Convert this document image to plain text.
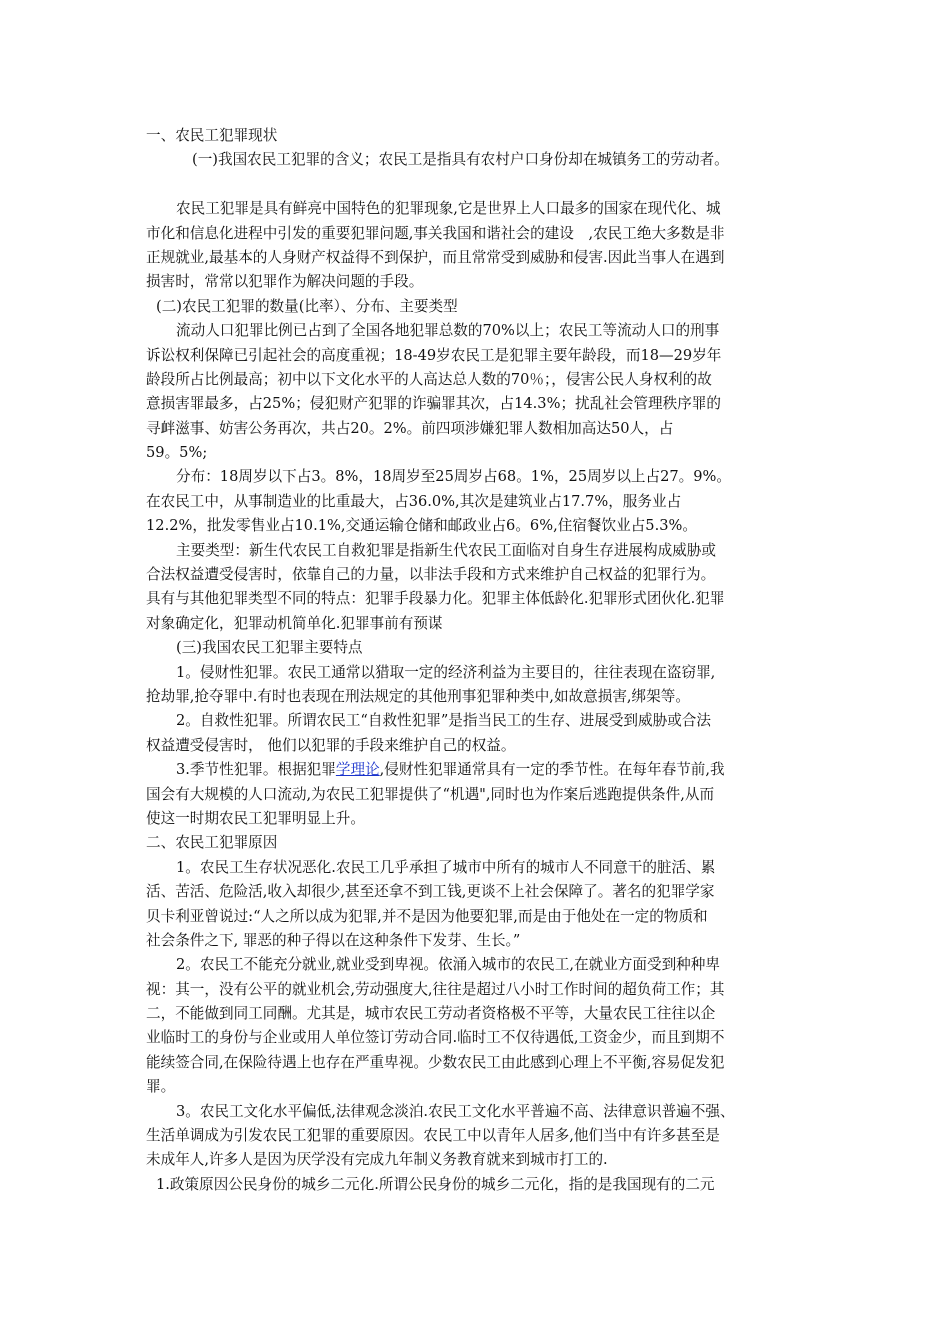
一、农民工犯罪现状
(一)我国农民工犯罪的含义；农民工是指具有农村户口身份却在城镇务工的劳动者。
农民工犯罪是具有鲜亮中国特色的犯罪现象,它是世界上人口最多的国家在现代化、城
市化和信息化进程中引发的重要犯罪问题,事关我国和谐社会的建设　,农民工绝大多数是非
正规就业,最基本的人身财产权益得不到保护，而且常常受到威胁和侵害.因此当事人在遇到
损害时，常常以犯罪作为解决问题的手段。
(二)农民工犯罪的数量(比率）、分布、主要类型
流动人口犯罪比例已占到了全国各地犯罪总数的70%以上；农民工等流动人口的刑事
诉讼权利保障已引起社会的高度重视；18-49岁农民工是犯罪主要年龄段，而18—29岁年
龄段所占比例最高；初中以下文化水平的人高达总人数的70％；，侵害公民人身权利的故
意损害罪最多，占25%；侵犯财产犯罪的诈骗罪其次，占14.3%；扰乱社会管理秩序罪的
寻衅滋事、妨害公务再次，共占20。2%。前四项涉嫌犯罪人数相加高达50人，占
59。5%;
分布：18周岁以下占3。8%，18周岁至25周岁占68。1%，25周岁以上占27。9%。
在农民工中，从事制造业的比重最大，占36.0%,其次是建筑业占17.7%，服务业占
12.2%，批发零售业占10.1%,交通运输仓储和邮政业占6。6%,住宿餐饮业占5.3%。
主要类型：新生代农民工自救犯罪是指新生代农民工面临对自身生存进展构成威胁或
合法权益遭受侵害时，依靠自己的力量，以非法手段和方式来维护自己权益的犯罪行为。
具有与其他犯罪类型不同的特点：犯罪手段暴力化。犯罪主体低龄化.犯罪形式团伙化.犯罪
对象确定化，犯罪动机简单化.犯罪事前有预谋
(三)我国农民工犯罪主要特点
1。侵财性犯罪。农民工通常以猎取一定的经济利益为主要目的，往往表现在盗窃罪,
抢劫罪,抢夺罪中.有时也表现在刑法规定的其他刑事犯罪种类中,如故意损害,绑架等。
2。自救性犯罪。所谓农民工“自救性犯罪”是指当民工的生存、进展受到威胁或合法
权益遭受侵害时， 他们以犯罪的手段来维护自己的权益。
3.季节性犯罪。根据犯罪学理论,侵财性犯罪通常具有一定的季节性。在每年春节前,我
国会有大规模的人口流动,为农民工犯罪提供了“机遇",同时也为作案后逃跑提供条件,从而
使这一时期农民工犯罪明显上升。
二、农民工犯罪原因
1。农民工生存状况恶化.农民工几乎承担了城市中所有的城市人不同意干的脏活、累
活、苦活、危险活,收入却很少,甚至还拿不到工钱,更谈不上社会保障了。著名的犯罪学家
贝卡利亚曾说过:“人之所以成为犯罪,并不是因为他要犯罪,而是由于他处在一定的物质和
社会条件之下, 罪恶的种子得以在这种条件下发芽、生长。”
2。农民工不能充分就业,就业受到卑视。依涌入城市的农民工,在就业方面受到种种卑
视：其一，没有公平的就业机会,劳动强度大,往往是超过八小时工作时间的超负荷工作；其
二，不能做到同工同酬。尤其是，城市农民工劳动者资格极不平等，大量农民工往往以企
业临时工的身份与企业或用人单位签订劳动合同.临时工不仅待遇低,工资金少，而且到期不
能续签合同,在保险待遇上也存在严重卑视。少数农民工由此感到心理上不平衡,容易促发犯
罪。
3。农民工文化水平偏低,法律观念淡泊.农民工文化水平普遍不高、法律意识普遍不强、
生活单调成为引发农民工犯罪的重要原因。农民工中以青年人居多,他们当中有许多甚至是
未成年人,许多人是因为厌学没有完成九年制义务教育就来到城市打工的.
1.政策原因公民身份的城乡二元化.所谓公民身份的城乡二元化，指的是我国现有的二元
